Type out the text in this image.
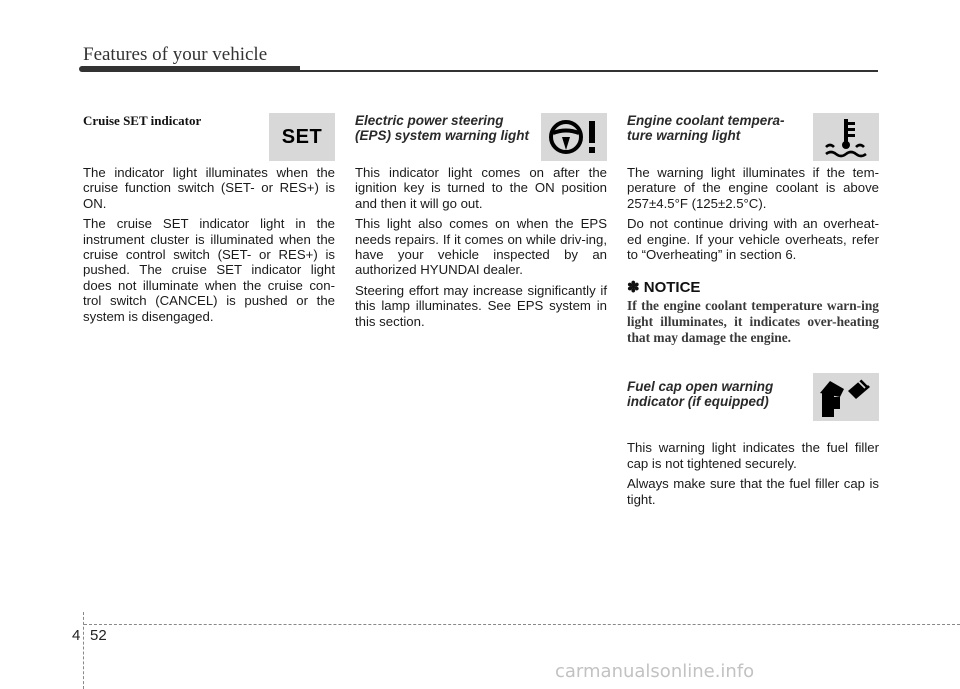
Features of your vehicle
Cruise SET indicator
SET

The indicator light illuminates when the cruise function switch (SET- or RES+) is ON.

The cruise SET indicator light in the instrument cluster is illuminated when the cruise control switch (SET- or RES+) is pushed. The cruise SET indicator light does not illuminate when the cruise con-trol switch (CANCEL) is pushed or the system is disengaged.

Electric power steering
(EPS) system warning light

This indicator light comes on after the ignition key is turned to the ON position and then it will go out.

This light also comes on when the EPS needs repairs. If it comes on while driv-ing, have your vehicle inspected by an authorized HYUNDAI dealer.

Steering effort may increase significantly if this lamp illuminates. See EPS system in this section.

Engine coolant tempera-
ture warning light

The warning light illuminates if the tem-perature of the engine coolant is above 257±4.5°F (125±2.5°C).

Do not continue driving with an overheat-ed engine. If your vehicle overheats, refer to “Overheating” in section 6.

✽ NOTICE

If the engine coolant temperature warn-ing light illuminates, it indicates over-heating that may damage the engine.

Fuel cap open warning
indicator (if equipped)

This warning light indicates the fuel filler cap is not tightened securely.

Always make sure that the fuel filler cap is tight.

4 52
carmanualsonline.info
